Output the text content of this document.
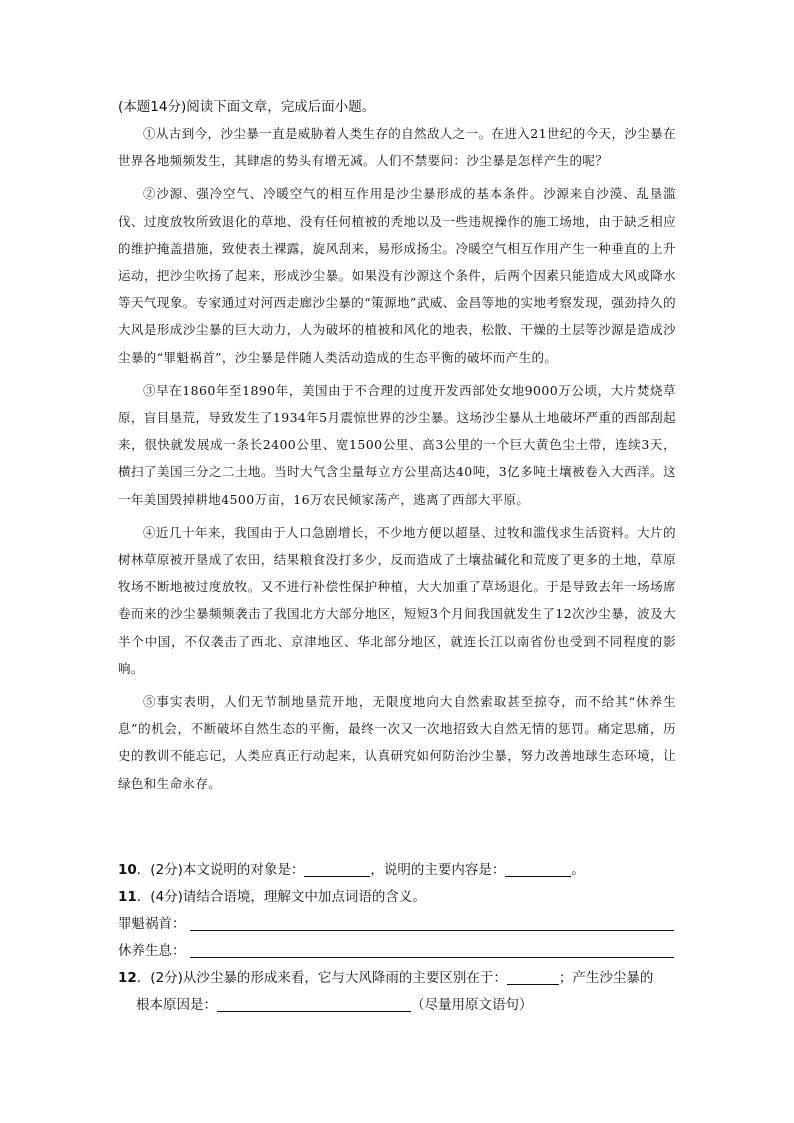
(本题14分)阅读下面文章，完成后面小题。

①从古到今，沙尘暴一直是威胁着人类生存的自然敌人之一。在进入21世纪的今天，沙尘暴在世界各地频频发生，其肆虐的势头有增无减。人们不禁要问：沙尘暴是怎样产生的呢？

②沙源、强冷空气、冷暖空气的相互作用是沙尘暴形成的基本条件。沙源来自沙漠、乱垦滥伐、过度放牧所致退化的草地、没有任何植被的秃地以及一些违规操作的施工场地，由于缺乏相应的维护掩盖措施，致使表土裸露，旋风刮来，易形成扬尘。冷暖空气相互作用产生一种垂直的上升运动，把沙尘吹扬了起来，形成沙尘暴。如果没有沙源这个条件，后两个因素只能造成大风或降水等天气现象。专家通过对河西走廊沙尘暴的“策源地”武威、金昌等地的实地考察发现，强劲持久的大风是形成沙尘暴的巨大动力，人为破坏的植被和风化的地表，松散、干燥的土层等沙源是造成沙尘暴的“罪魁祸首”，沙尘暴是伴随人类活动造成的生态平衡的破坏而产生的。

③早在1860年至1890年，美国由于不合理的过度开发西部处女地9000万公顷，大片焚烧草原，盲目垦荒，导致发生了1934年5月震惊世界的沙尘暴。这场沙尘暴从土地破坏严重的西部刮起来，很快就发展成一条长2400公里、宽1500公里、高3公里的一个巨大黄色尘土带，连续3天，横扫了美国三分之二土地。当时大气含尘量每立方公里高达40吨，3亿多吨土壤被卷入大西洋。这一年美国毁掉耕地4500万亩，16万农民倾家荡产，逃离了西部大平原。

④近几十年来，我国由于人口急剧增长，不少地方便以超垦、过牧和滥伐求生活资料。大片的树林草原被开垦成了农田，结果粮食没打多少，反而造成了土壤盐碱化和荒废了更多的土地，草原牧场不断地被过度放牧。又不进行补偿性保护种植，大大加重了草场退化。于是导致去年一场场席卷而来的沙尘暴频频袭击了我国北方大部分地区，短短3个月间我国就发生了12次沙尘暴，波及大半个中国，不仅袭击了西北、京津地区、华北部分地区，就连长江以南省份也受到不同程度的影响。

⑤事实表明，人们无节制地垦荒开地，无限度地向大自然索取甚至掠夺，而不给其“休养生息”的机会，不断破坏自然生态的平衡，最终一次又一次地招致大自然无情的惩罚。痛定思痛，历史的教训不能忘记，人类应真正行动起来，认真研究如何防治沙尘暴，努力改善地球生态环境，让绿色和生命永存。

10．(2分)本文说明的对象是：	，说明的主要内容是：	。
11．(4分)请结合语境，理解文中加点词语的含义。
罪魁祸首：
休养生息：
12．(2分)从沙尘暴的形成来看，它与大风降雨的主要区别在于：	；产生沙尘暴的
根本原因是：	（尽量用原文语句）
